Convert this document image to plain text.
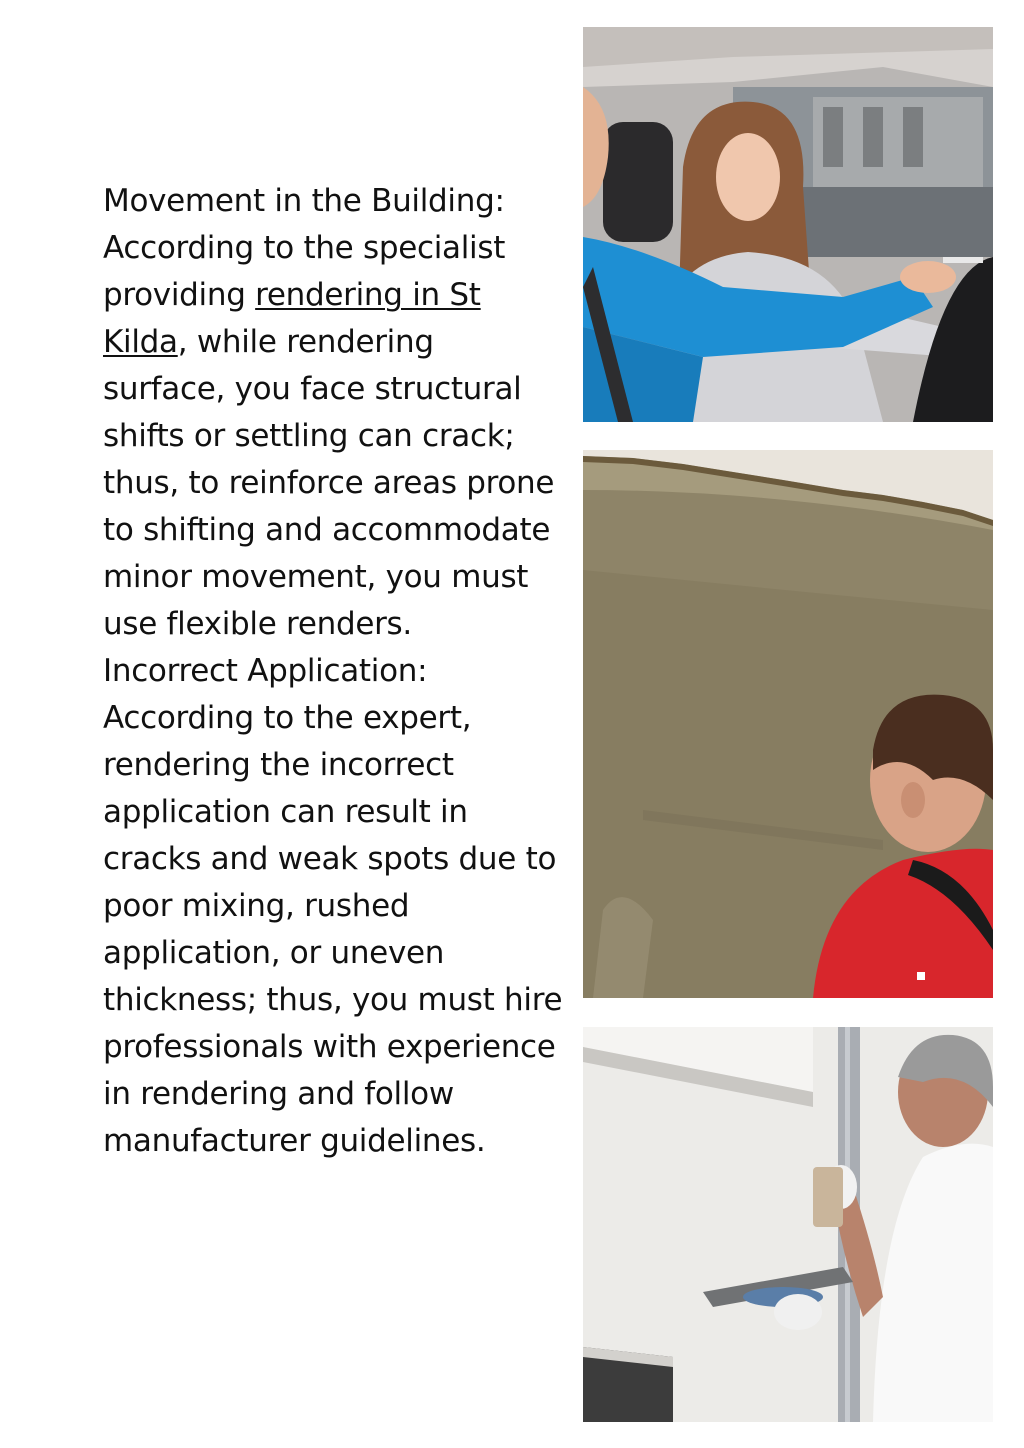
Movement in the Building: According to the specialist providing rendering in St Kilda, while rendering surface, you face structural shifts or settling can crack; thus, to reinforce areas prone to shifting and accommodate minor movement, you must use flexible renders.

Incorrect Application: According to the expert, rendering the incorrect application can result in cracks and weak spots due to poor mixing, rushed application, or uneven thickness; thus, you must hire professionals with experience in rendering and follow manufacturer guidelines.
